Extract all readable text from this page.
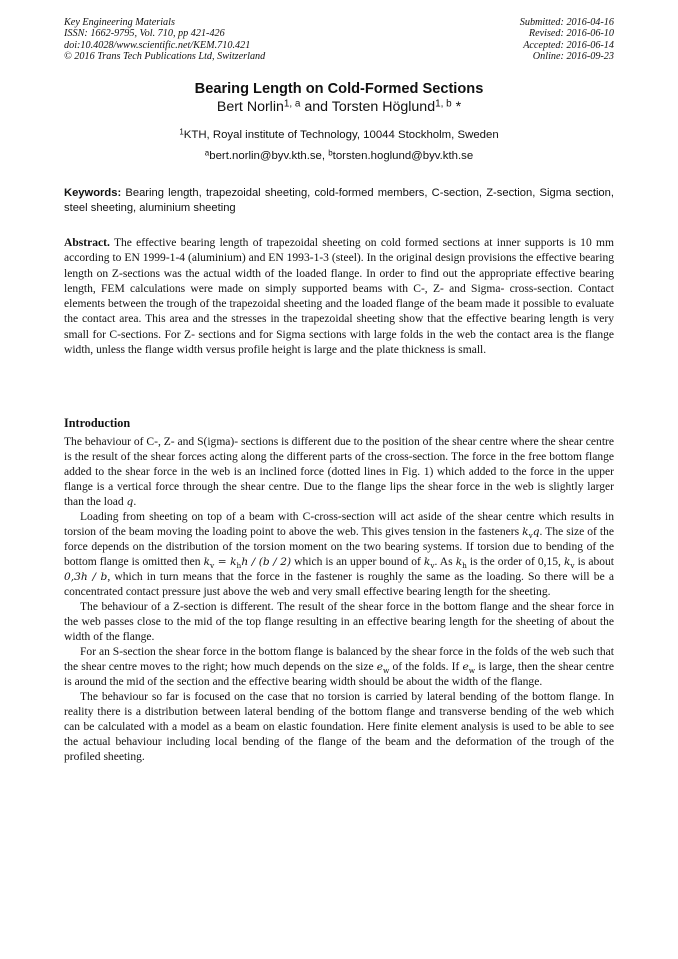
Key Engineering Materials
ISSN: 1662-9795, Vol. 710, pp 421-426
doi:10.4028/www.scientific.net/KEM.710.421
© 2016 Trans Tech Publications Ltd, Switzerland
Submitted: 2016-04-16
Revised: 2016-06-10
Accepted: 2016-06-14
Online: 2016-09-23
Bearing Length on Cold-Formed Sections
Bert Norlin$^{1, a}$ and Torsten Höglund$^{1, b}$ *
$^1$KTH, Royal institute of Technology, 10044 Stockholm, Sweden
$^a$bert.norlin@byv.kth.se, $^b$torsten.hoglund@byv.kth.se
Keywords: Bearing length, trapezoidal sheeting, cold-formed members, C-section, Z-section, Sigma section, steel sheeting, aluminium sheeting
Abstract. The effective bearing length of trapezoidal sheeting on cold formed sections at inner supports is 10 mm according to EN 1999-1-4 (aluminium) and EN 1993-1-3 (steel). In the original design provisions the effective bearing length on Z-sections was the actual width of the loaded flange. In order to find out the appropriate effective bearing length, FEM calculations were made on simply supported beams with C-, Z- and Sigma- cross-section. Contact elements between the trough of the trapezoidal sheeting and the loaded flange of the beam made it possible to evaluate the contact area. This area and the stresses in the trapezoidal sheeting show that the effective bearing length is very small for C-sections. For Z- sections and for Sigma sections with large folds in the web the contact area is the flange width, unless the flange width versus profile height is large and the plate thickness is small.
Introduction

The behaviour of C-, Z- and S(igma)- sections is different due to the position of the shear centre where the shear centre is the result of the shear forces acting along the different parts of the cross-section. The force in the free bottom flange added to the shear force in the web is an inclined force (dotted lines in Fig. 1) which added to the force in the upper flange is a vertical force through the shear centre. Due to the flange lips the shear force in the web is slightly larger than the load q.

Loading from sheeting on top of a beam with C-cross-section will act aside of the shear centre which results in torsion of the beam moving the loading point to above the web. This gives tension in the fasteners $k_vq$. The size of the force depends on the distribution of the torsion moment on the two bearing systems. If torsion due to bending of the bottom flange is omitted then $k_v = k_hh / (b / 2)$ which is an upper bound of $k_v$. As $k_h$ is the order of 0,15, $k_v$ is about 0,3h / b, which in turn means that the force in the fastener is roughly the same as the loading. So there will be a concentrated contact pressure just above the web and very small effective bearing length for the sheeting.

The behaviour of a Z-section is different. The result of the shear force in the bottom flange and the shear force in the web passes close to the mid of the top flange resulting in an effective bearing length for the sheeting of about the width of the flange.

For an S-section the shear force in the bottom flange is balanced by the shear force in the folds of the web such that the shear centre moves to the right; how much depends on the size $e_w$ of the folds. If $e_w$ is large, then the shear centre is around the mid of the section and the effective bearing width should be about the width of the flange.

The behaviour so far is focused on the case that no torsion is carried by lateral bending of the bottom flange. In reality there is a distribution between lateral bending of the bottom flange and transverse bending of the web which can be calculated with a model as a beam on elastic foundation. Here finite element analysis is used to be able to see the actual behaviour including local bending of the flange of the beam and the deformation of the trough of the profiled sheeting.
